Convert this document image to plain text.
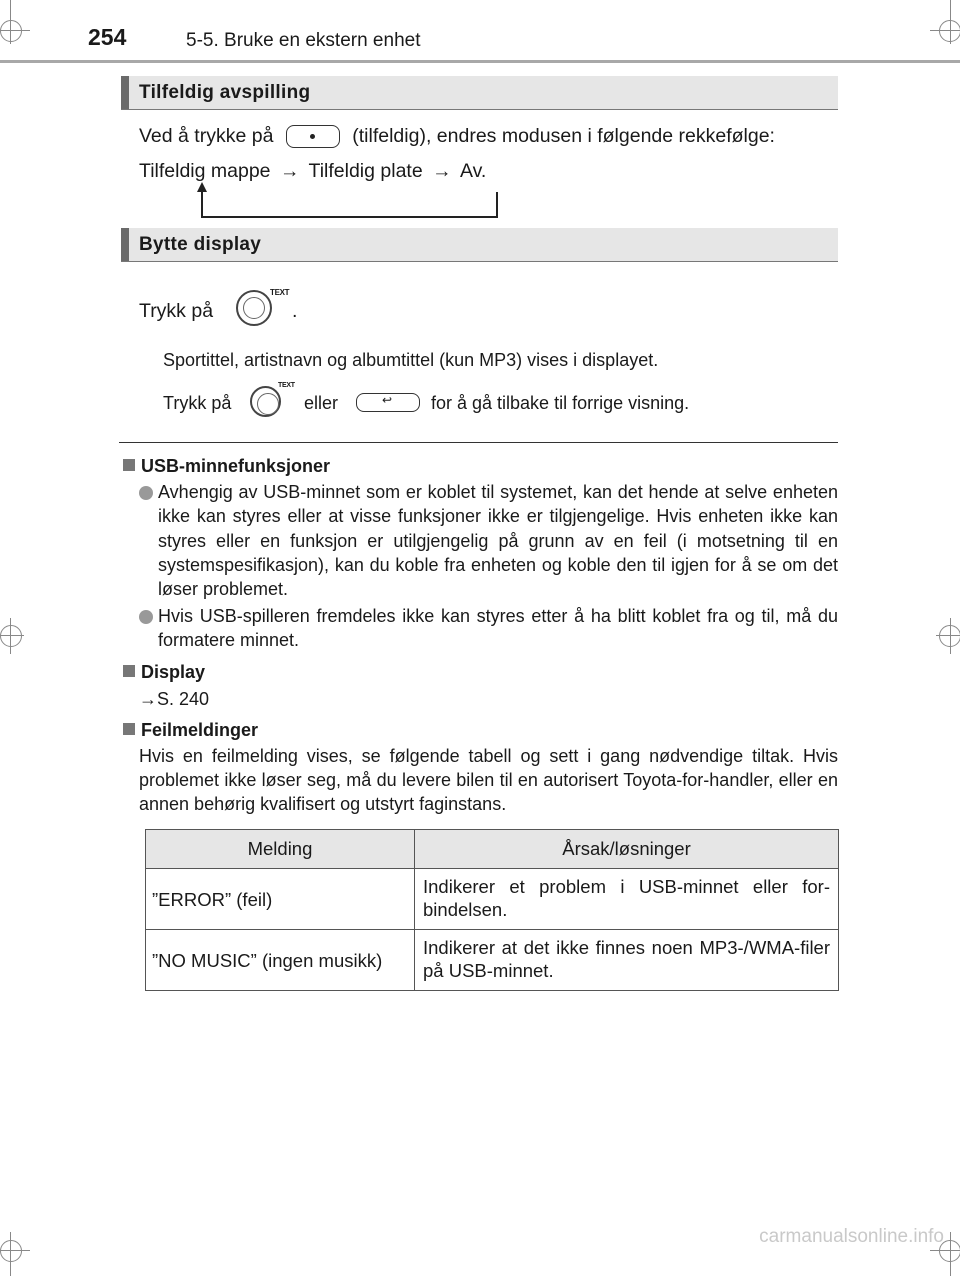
254	5-5. Bruke en ekstern enhet
Tilfeldig avspilling
Ved å trykke på	(tilfeldig), endres modusen i følgende rekkefølge:
Tilfeldig mappe → Tilfeldig plate → Av.
Bytte display
Trykk på
TEXT
.
Sportittel, artistnavn og albumtittel (kun MP3) vises i displayet.
Trykk på
TEXT
eller	↩ for å gå tilbake til forrige visning.
USB-minnefunksjoner
Avhengig av USB-minnet som er koblet til systemet, kan det hende at selve enheten ikke kan styres eller at visse funksjoner ikke er tilgjengelige. Hvis enheten ikke kan styres eller en funksjon er utilgjengelig på grunn av en feil (i motsetning til en systemspesifikasjon), kan du koble fra enheten og koble den til igjen for å se om det løser problemet.
Hvis USB-spilleren fremdeles ikke kan styres etter å ha blitt koblet fra og til, må du formatere minnet.
Display
→S. 240
Feilmeldinger
Hvis en feilmelding vises, se følgende tabell og sett i gang nødvendige tiltak. Hvis problemet ikke løser seg, må du levere bilen til en autorisert Toyota-for-handler, eller en annen behørig kvalifisert og utstyrt faginstans.
Melding	Årsak/løsninger
”ERROR” (feil)	Indikerer et problem i USB-minnet eller for-bindelsen.
”NO MUSIC” (ingen musikk)	Indikerer at det ikke finnes noen MP3-/WMA-filer på USB-minnet.
carmanualsonline.info
